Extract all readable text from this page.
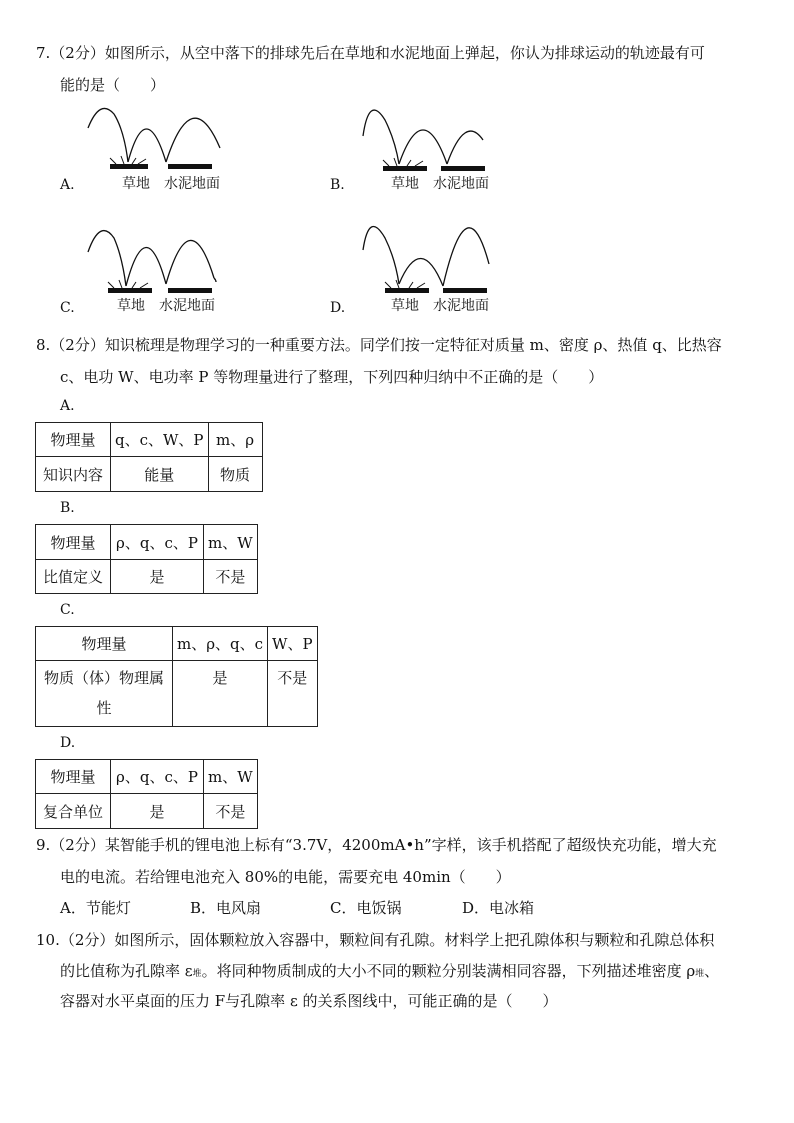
7.（2分）如图所示，从空中落下的排球先后在草地和水泥地面上弹起，你认为排球运动的轨迹最有可
能的是（　　）
草地 水泥地面
A.	草地 水泥地面
B.
草地 水泥地面
C.	草地 水泥地面
D.
8.（2分）知识梳理是物理学习的一种重要方法。同学们按一定特征对质量 m、密度 ρ、热值 q、比热容
c、电功 W、电功率 P 等物理量进行了整理，下列四种归纳中不正确的是（　　）
A.
物理量	q、c、W、P	m、ρ
知识内容	能量	物质
B.
物理量	ρ、q、c、P	m、W
比值定义	是	不是
C.
物理量	m、ρ、q、c	W、P

物质（体）物理属
性	是	不是
D.
物理量	ρ、q、c、P	m、W
复合单位	是	不是
9.（2分）某智能手机的锂电池上标有“3.7V，4200mA•h”字样，该手机搭配了超级快充功能，增大充
电的电流。若给锂电池充入 80%的电能，需要充电 40min（　　）
A．节能灯	B．电风扇	C．电饭锅	D．电冰箱
10.（2分）如图所示，固体颗粒放入容器中，颗粒间有孔隙。材料学上把孔隙体积与颗粒和孔隙总体积
的比值称为孔隙率 ε堆。将同种物质制成的大小不同的颗粒分别装满相同容器，下列描述堆密度 ρ堆、
容器对水平桌面的压力 F与孔隙率 ε 的关系图线中，可能正确的是（　　）
